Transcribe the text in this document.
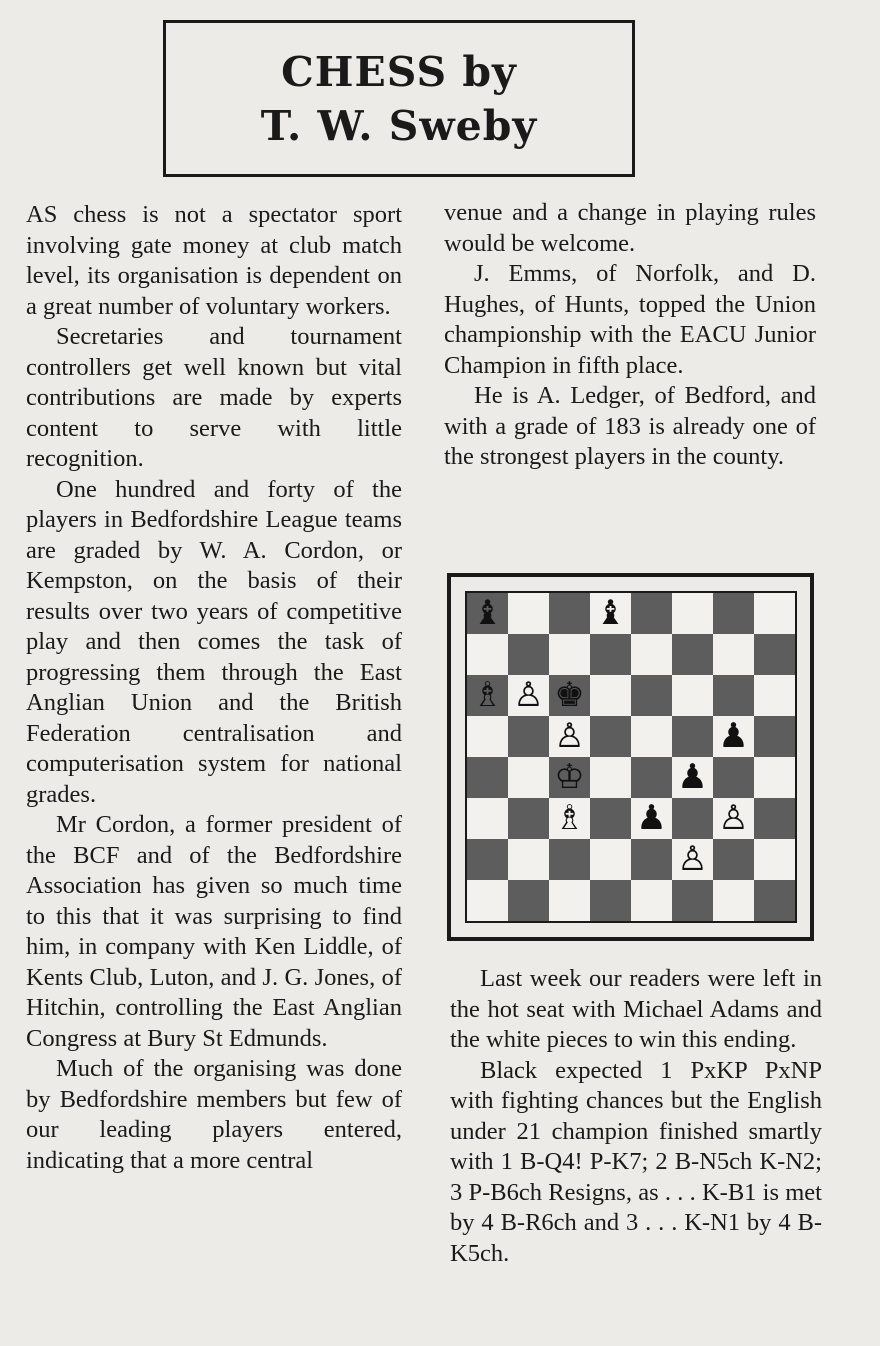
CHESS by
T. W. Sweby

AS chess is not a spectator sport involving gate money at club match level, its organisation is dependent on a great number of voluntary workers.

Secretaries and tournament controllers get well known but vital contributions are made by experts content to serve with little recognition.

One hundred and forty of the players in Bedfordshire League teams are graded by W. A. Cordon, or Kempston, on the basis of their results over two years of competitive play and then comes the task of progressing them through the East Anglian Union and the British Federation centralisation and computerisation system for national grades.

Mr Cordon, a former president of the BCF and of the Bedfordshire Association has given so much time to this that it was surprising to find him, in company with Ken Liddle, of Kents Club, Luton, and J. G. Jones, of Hitchin, controlling the East Anglian Congress at Bury St Edmunds.

Much of the organising was done by Bedfordshire members but few of our leading players entered, indicating that a more central

venue and a change in playing rules would be welcome.

J. Emms, of Norfolk, and D. Hughes, of Hunts, topped the Union championship with the EACU Junior Champion in fifth place.

He is A. Ledger, of Bedford, and with a grade of 183 is already one of the strongest players in the county.

♝	♝
♗ ♙ ♚
♙	♟
♔	♟
♗ ♟ ♙
♙

Last week our readers were left in the hot seat with Michael Adams and the white pieces to win this ending.

Black expected 1 PxKP PxNP with fighting chances but the English under 21 champion finished smartly with 1 B-Q4! P-K7; 2 B-N5ch K-N2; 3 P-B6ch Resigns, as . . . K-B1 is met by 4 B-R6ch and 3 . . . K-N1 by 4 B-K5ch.
